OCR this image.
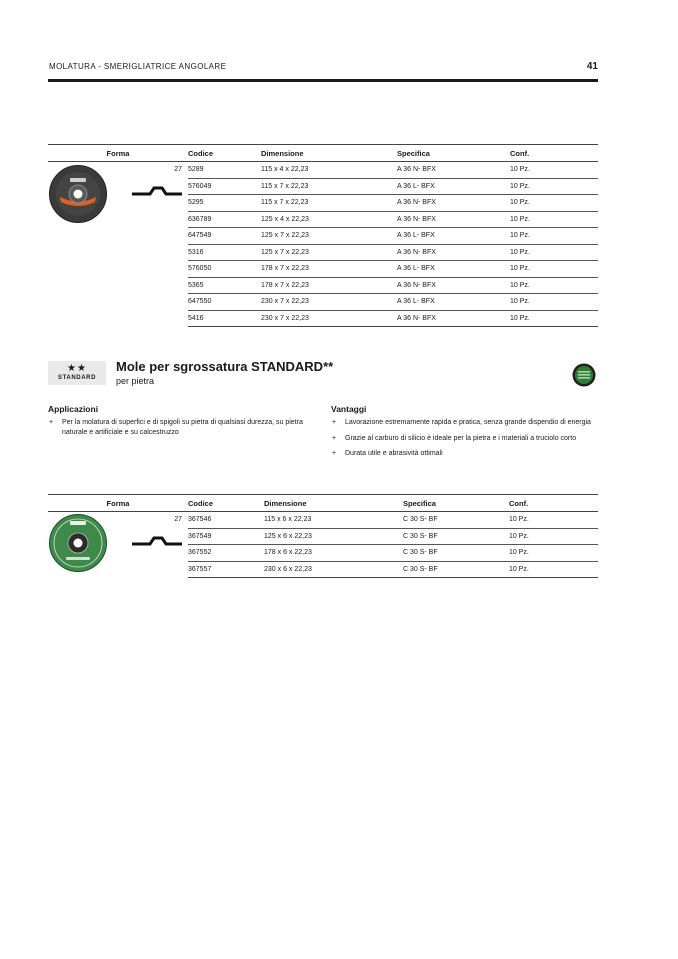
MOLATURA - SMERIGLIATRICE ANGOLARE	41
Forma		Codice	Dimensione	Specifica	Conf.

27	5289	115 x 4 x 22,23	A 36 N- BFX	10 Pz.
		576049	115 x 7 x 22,23	A 36 L- BFX	10 Pz.
		5295	115 x 7 x 22,23	A 36 N- BFX	10 Pz.
		636789	125 x 4 x 22,23	A 36 N- BFX	10 Pz.
		647549	125 x 7 x 22,23	A 36 L- BFX	10 Pz.
		5316	125 x 7 x 22,23	A 36 N- BFX	10 Pz.
		576050	178 x 7 x 22,23	A 36 L- BFX	10 Pz.
		5365	178 x 7 x 22,23	A 36 N- BFX	10 Pz.
		647550	230 x 7 x 22,23	A 36 L- BFX	10 Pz.
		5416	230 x 7 x 22,23	A 36 N- BFX	10 Pz.
★★
STANDARD
Mole per sgrossatura STANDARD**
per pietra
Applicazioni
+ Per la molatura di superfici e di spigoli su pietra di qualsiasi durezza, su pietra naturale e artificiale e su calcestruzzo
Vantaggi
+ Lavorazione estremamente rapida e pratica, senza grande dispendio di energia
+ Grazie al carburo di silicio è ideale per la pietra e i materiali a truciolo corto
+ Durata utile e abrasività ottimali
Forma		Codice	Dimensione	Specifica	Conf.

27	367546	115 x 6 x 22,23	C 30 S- BF	10 Pz.
		367549	125 x 6 x 22,23	C 30 S- BF	10 Pz.
		367552	178 x 6 x 22,23	C 30 S- BF	10 Pz.
		367557	230 x 6 x 22,23	C 30 S- BF	10 Pz.
